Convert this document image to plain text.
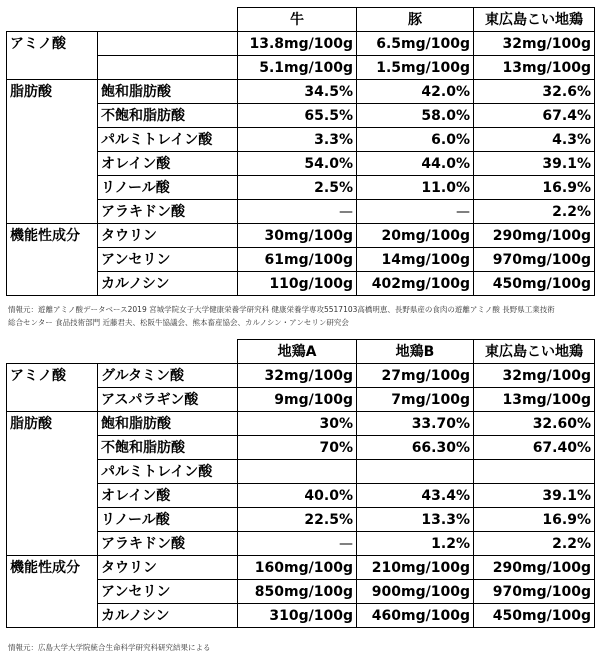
		牛	豚	東広島こい地鶏
アミノ酸		13.8mg/100g	6.5mg/100g	32mg/100g
		5.1mg/100g	1.5mg/100g	13mg/100g
脂肪酸	飽和脂肪酸	34.5%	42.0%	32.6%
	不飽和脂肪酸	65.5%	58.0%	67.4%
	パルミトレイン酸	3.3%	6.0%	4.3%
	オレイン酸	54.0%	44.0%	39.1%
	リノール酸	2.5%	11.0%	16.9%
	アラキドン酸	—	—	2.2%
機能性成分	タウリン	30mg/100g	20mg/100g	290mg/100g
	アンセリン	61mg/100g	14mg/100g	970mg/100g
	カルノシン	110g/100g	402mg/100g	450mg/100g
情報元：遊離アミノ酸データベース2019 宮城学院女子大学健康栄養学研究科 健康栄養学専攻5517103高橋明恵、長野県産の食肉の遊離アミノ酸 長野県工業技術
総合センター 食品技術部門 近藤君夫、松阪牛協議会、熊本畜産協会、カルノシン・アンセリン研究会
		地鶏A	地鶏B	東広島こい地鶏
アミノ酸	グルタミン酸	32mg/100g	27mg/100g	32mg/100g
	アスパラギン酸	9mg/100g	7mg/100g	13mg/100g
脂肪酸	飽和脂肪酸	30%	33.70%	32.60%
	不飽和脂肪酸	70%	66.30%	67.40%
	パルミトレイン酸			
	オレイン酸	40.0%	43.4%	39.1%
	リノール酸	22.5%	13.3%	16.9%
	アラキドン酸	—	1.2%	2.2%
機能性成分	タウリン	160mg/100g	210mg/100g	290mg/100g
	アンセリン	850mg/100g	900mg/100g	970mg/100g
	カルノシン	310g/100g	460mg/100g	450mg/100g
情報元：広島大学大学院統合生命科学研究科研究結果による
